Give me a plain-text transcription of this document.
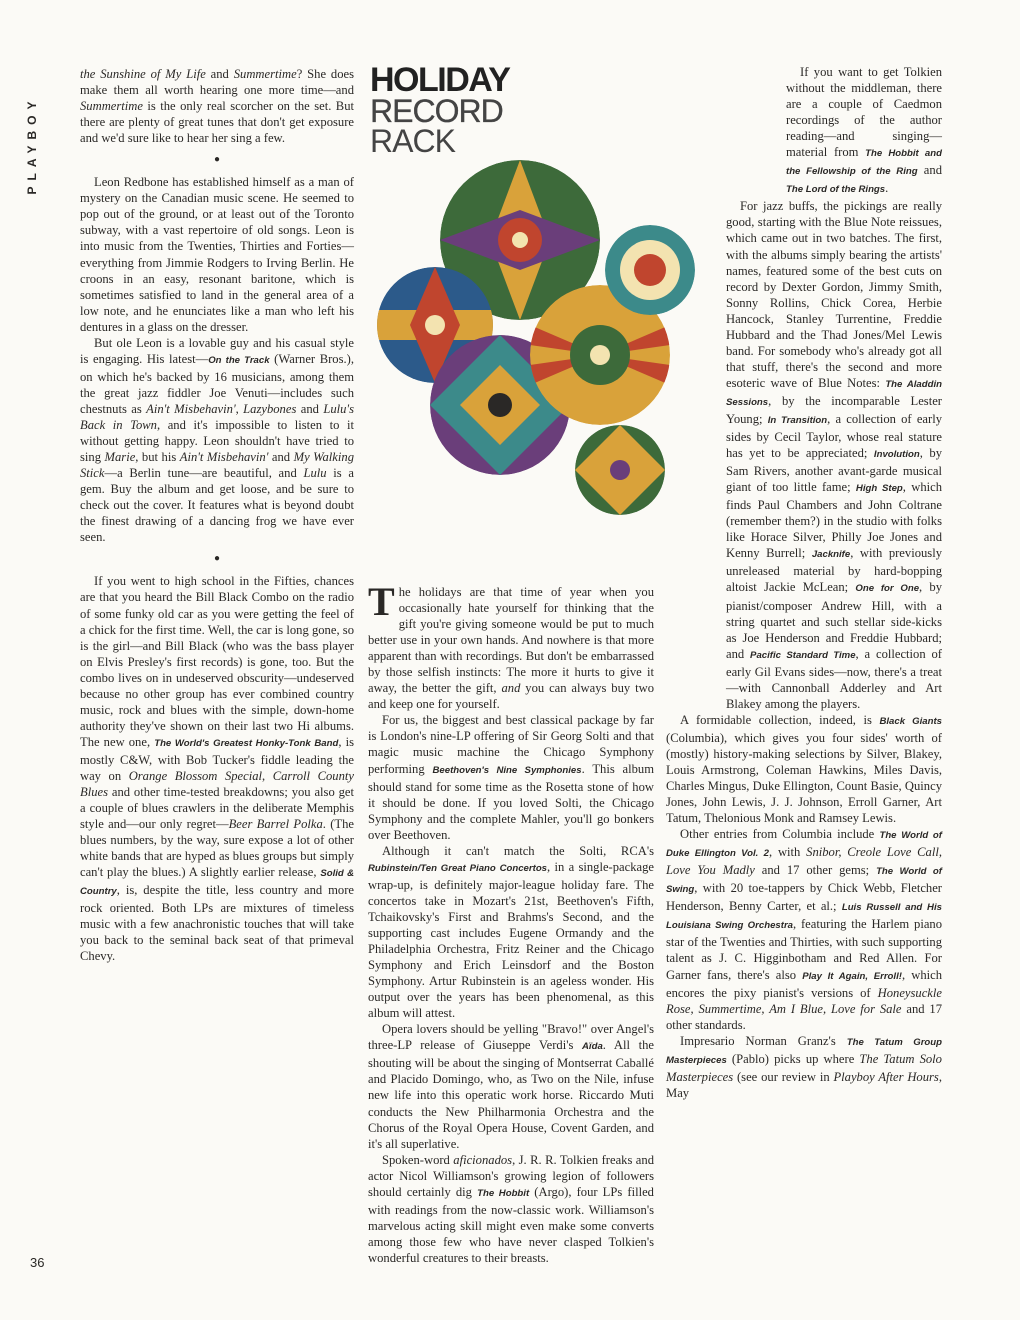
PLAYBOY
36

the Sunshine of My Life and Summertime? She does make them all worth hearing one more time—and Summertime is the only real scorcher on the set. But there are plenty of great tunes that don't get exposure and we'd sure like to hear her sing a few.

●

Leon Redbone has established himself as a man of mystery on the Canadian music scene. He seemed to pop out of the ground, or at least out of the Toronto subway, with a vast repertoire of old songs. Leon is into music from the Twenties, Thirties and Forties—everything from Jimmie Rodgers to Irving Berlin. He croons in an easy, resonant baritone, which is sometimes satisfied to land in the general area of a low note, and he enunciates like a man who left his dentures in a glass on the dresser.

But ole Leon is a lovable guy and his casual style is engaging. His latest—On the Track (Warner Bros.), on which he's backed by 16 musicians, among them the great jazz fiddler Joe Venuti—includes such chestnuts as Ain't Misbehavin', Lazybones and Lulu's Back in Town, and it's impossible to listen to it without getting happy. Leon shouldn't have tried to sing Marie, but his Ain't Misbehavin' and My Walking Stick—a Berlin tune—are beautiful, and Lulu is a gem. Buy the album and get loose, and be sure to check out the cover. It features what is beyond doubt the finest drawing of a dancing frog we have ever seen.

●

If you went to high school in the Fifties, chances are that you heard the Bill Black Combo on the radio of some funky old car as you were getting the feel of a chick for the first time. Well, the car is long gone, so is the girl—and Bill Black (who was the bass player on Elvis Presley's first records) is gone, too. But the combo lives on in undeserved obscurity—undeserved because no other group has ever combined country music, rock and blues with the simple, down-home authority they've shown on their last two Hi albums. The new one, The World's Greatest Honky-Tonk Band, is mostly C&W, with Bob Tucker's fiddle leading the way on Orange Blossom Special, Carroll County Blues and other time-tested breakdowns; you also get a couple of blues crawlers in the deliberate Memphis style and—our only regret—Beer Barrel Polka. (The blues numbers, by the way, sure expose a lot of other white bands that are hyped as blues groups but simply can't play the blues.) A slightly earlier release, Solid & Country, is, despite the title, less country and more rock oriented. Both LPs are mixtures of timeless music with a few anachronistic touches that will take you back to the seminal back seat of that primeval Chevy.

HOLIDAY
RECORD
RACK

The holidays are that time of year when you occasionally hate yourself for thinking that the gift you're giving someone would be put to much better use in your own hands. And nowhere is that more apparent than with recordings. But don't be embarrassed by those selfish instincts: The more it hurts to give it away, the better the gift, and you can always buy two and keep one for yourself.

For us, the biggest and best classical package by far is London's nine-LP offering of Sir Georg Solti and that magic music machine the Chicago Symphony performing Beethoven's Nine Symphonies. This album should stand for some time as the Rosetta stone of how it should be done. If you loved Solti, the Chicago Symphony and the complete Mahler, you'll go bonkers over Beethoven.

Although it can't match the Solti, RCA's Rubinstein/Ten Great Piano Concertos, in a single-package wrap-up, is definitely major-league holiday fare. The concertos take in Mozart's 21st, Beethoven's Fifth, Tchaikovsky's First and Brahms's Second, and the supporting cast includes Eugene Ormandy and the Philadelphia Orchestra, Fritz Reiner and the Chicago Symphony and Erich Leinsdorf and the Boston Symphony. Artur Rubinstein is an ageless wonder. His output over the years has been phenomenal, as this album will attest.

Opera lovers should be yelling "Bravo!" over Angel's three-LP release of Giuseppe Verdi's Aïda. All the shouting will be about the singing of Montserrat Caballé and Placido Domingo, who, as Two on the Nile, infuse new life into this operatic work horse. Riccardo Muti conducts the New Philharmonia Orchestra and the Chorus of the Royal Opera House, Covent Garden, and it's all superlative.

Spoken-word aficionados, J. R. R. Tolkien freaks and actor Nicol Williamson's growing legion of followers should certainly dig The Hobbit (Argo), four LPs filled with readings from the now-classic work. Williamson's marvelous acting skill might even make some converts among those few who have never clasped Tolkien's wonderful creatures to their breasts.

If you want to get Tolkien without the middleman, there are a couple of Caedmon recordings of the author reading—and singing—material from The Hobbit and the Fellowship of the Ring and The Lord of the Rings.

For jazz buffs, the pickings are really good, starting with the Blue Note reissues, which came out in two batches. The first, with the albums simply bearing the artists' names, featured some of the best cuts on record by Dexter Gordon, Jimmy Smith, Sonny Rollins, Chick Corea, Herbie Hancock, Stanley Turrentine, Freddie Hubbard and the Thad Jones/Mel Lewis band. For somebody who's already got all that stuff, there's the second and more esoteric wave of Blue Notes: The Aladdin Sessions, by the incomparable Lester Young; In Transition, a collection of early sides by Cecil Taylor, whose real stature has yet to be appreciated; Involution, by Sam Rivers, another avant-garde musical giant of too little fame; High Step, which finds Paul Chambers and John Coltrane (remember them?) in the studio with folks like Horace Silver, Philly Joe Jones and Kenny Burrell; Jacknife, with previously unreleased material by hard-bopping altoist Jackie McLean; One for One, by pianist/composer Andrew Hill, with a string quartet and such stellar side-kicks as Joe Henderson and Freddie Hubbard; and Pacific Standard Time, a collection of early Gil Evans sides—now, there's a treat—with Cannonball Adderley and Art Blakey among the players.

A formidable collection, indeed, is Black Giants (Columbia), which gives you four sides' worth of (mostly) history-making selections by Silver, Blakey, Louis Armstrong, Coleman Hawkins, Miles Davis, Charles Mingus, Duke Ellington, Count Basie, Quincy Jones, John Lewis, J. J. Johnson, Erroll Garner, Art Tatum, Thelonious Monk and Ramsey Lewis.

Other entries from Columbia include The World of Duke Ellington Vol. 2, with Snibor, Creole Love Call, Love You Madly and 17 other gems; The World of Swing, with 20 toe-tappers by Chick Webb, Fletcher Henderson, Benny Carter, et al.; Luis Russell and His Louisiana Swing Orchestra, featuring the Harlem piano star of the Twenties and Thirties, with such supporting talent as J. C. Higginbotham and Red Allen. For Garner fans, there's also Play It Again, Erroll!, which encores the pixy pianist's versions of Honeysuckle Rose, Summertime, Am I Blue, Love for Sale and 17 other standards.

Impresario Norman Granz's The Tatum Group Masterpieces (Pablo) picks up where The Tatum Solo Masterpieces (see our review in Playboy After Hours, May
